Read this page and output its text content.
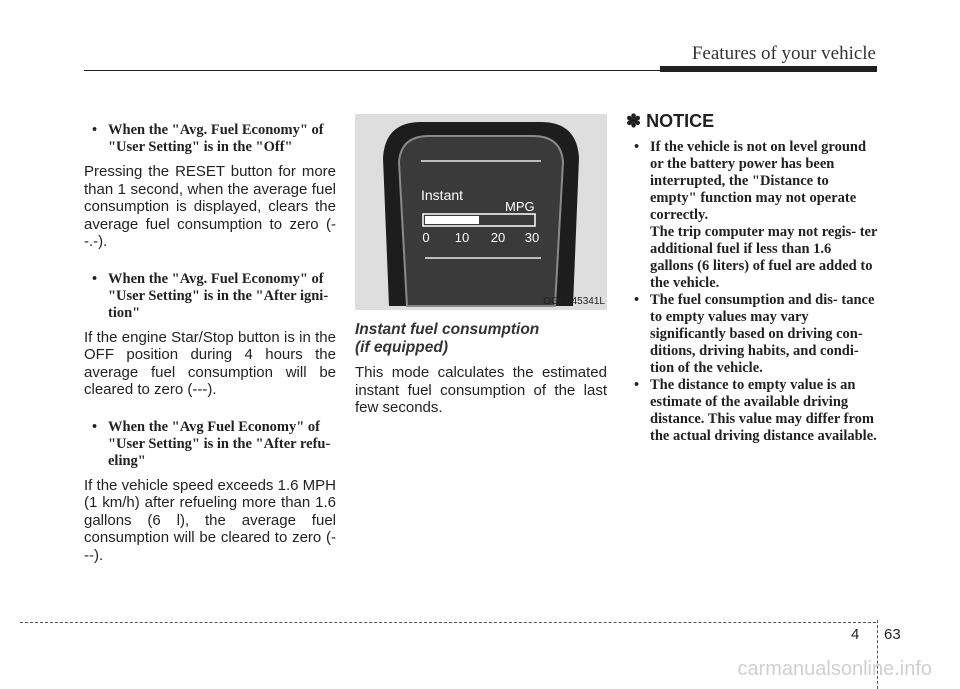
Features of your vehicle
• When the "Avg. Fuel Economy" of "User Setting" is in the "Off"

Pressing the RESET button for more than 1 second, when the average fuel consumption is displayed, clears the average fuel consumption to zero (--.-).

• When the "Avg. Fuel Economy" of "User Setting" is in the "After igni- tion"

If the engine Star/Stop button is in the OFF position during 4 hours the average fuel consumption will be cleared to zero (---).

• When the "Avg Fuel Economy" of "User Setting" is in the "After refu- eling"

If the vehicle speed exceeds 1.6 MPH (1 km/h) after refueling more than 1.6 gallons (6 l), the average fuel consumption will be cleared to zero (---).

Instant
MPG
0 10 20 30
OGD045341L
Instant fuel consumption
(if equipped)

This mode calculates the estimated instant fuel consumption of the last few seconds.

✽ NOTICE
• If the vehicle is not on level ground or the battery power has been interrupted, the "Distance to empty" function may not operate correctly.
The trip computer may not regis- ter additional fuel if less than 1.6 gallons (6 liters) of fuel are added to the vehicle.
• The fuel consumption and dis- tance to empty values may vary significantly based on driving con- ditions, driving habits, and condi- tion of the vehicle.
• The distance to empty value is an estimate of the available driving distance. This value may differ from the actual driving distance available.
4 63
carmanualsonline.info
